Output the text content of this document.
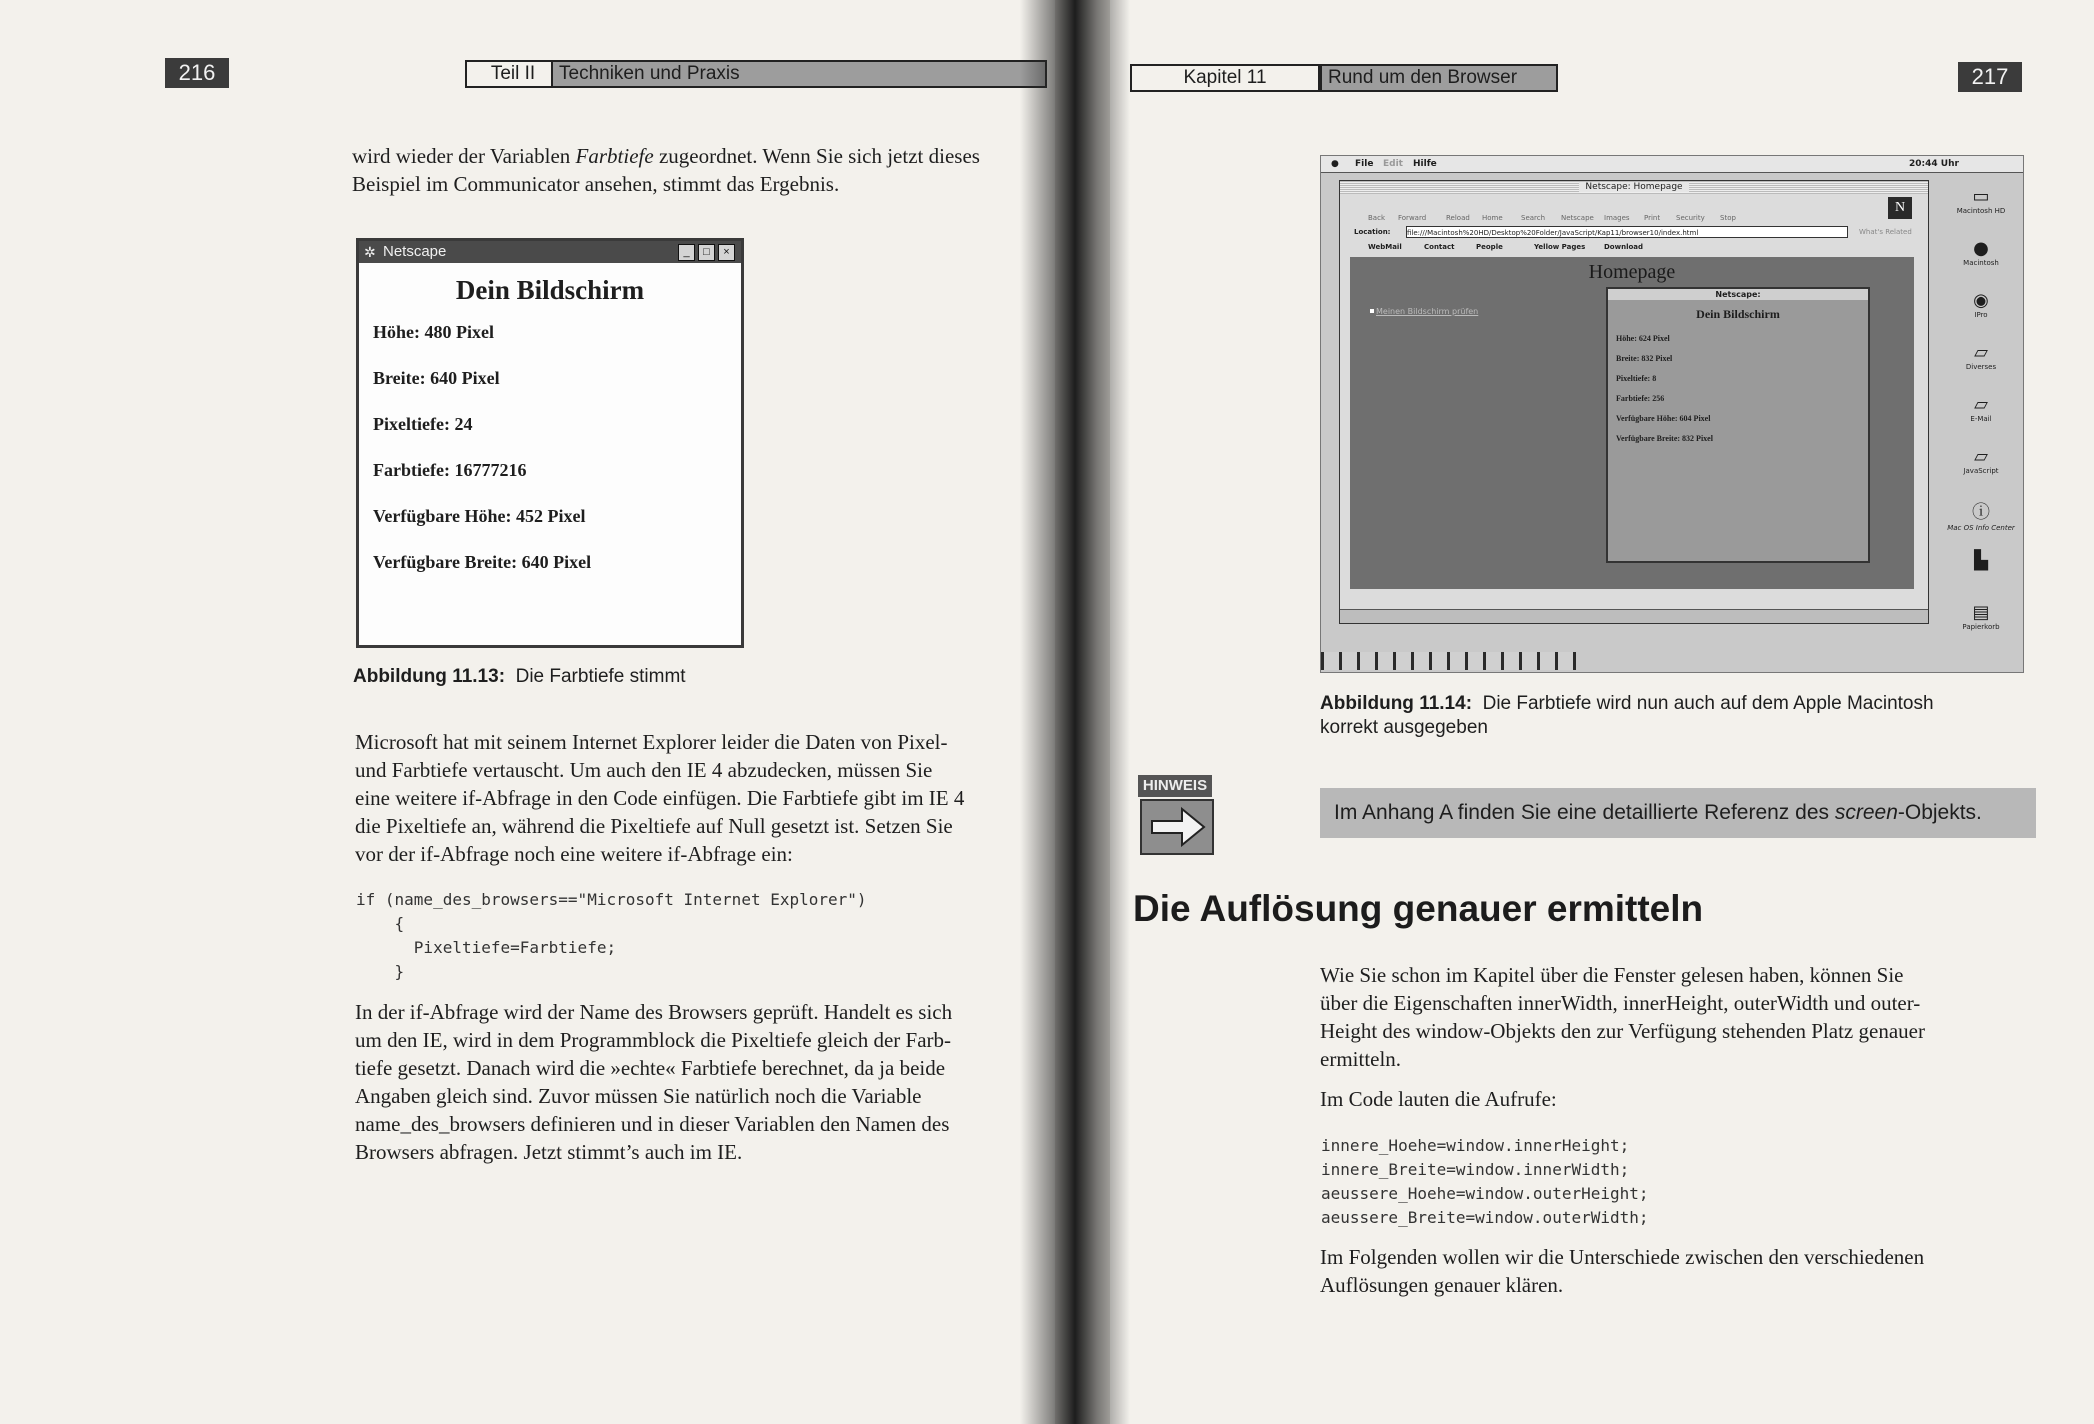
216	Teil II	Techniken und Praxis
wird wieder der Variablen Farbtiefe zugeordnet. Wenn Sie sich jetzt dieses
Beispiel im Communicator ansehen, stimmt das Ergebnis.
✲ Netscape	_	□	×
Dein Bildschirm
Höhe: 480 Pixel
Breite: 640 Pixel
Pixeltiefe: 24
Farbtiefe: 16777216
Verfügbare Höhe: 452 Pixel
Verfügbare Breite: 640 Pixel
Abbildung 11.13: Die Farbtiefe stimmt
Microsoft hat mit seinem Internet Explorer leider die Daten von Pixel-
und Farbtiefe vertauscht. Um auch den IE 4 abzudecken, müssen Sie
eine weitere if-Abfrage in den Code einfügen. Die Farbtiefe gibt im IE 4
die Pixeltiefe an, während die Pixeltiefe auf Null gesetzt ist. Setzen Sie
vor der if-Abfrage noch eine weitere if-Abfrage ein:
if (name_des_browsers=="Microsoft Internet Explorer")
{
Pixeltiefe=Farbtiefe;
}
In der if-Abfrage wird der Name des Browsers geprüft. Handelt es sich
um den IE, wird in dem Programmblock die Pixeltiefe gleich der Farb-
tiefe gesetzt. Danach wird die »echte« Farbtiefe berechnet, da ja beide
Angaben gleich sind. Zuvor müssen Sie natürlich noch die Variable
name_des_browsers definieren und in dieser Variablen den Namen des
Browsers abfragen. Jetzt stimmt’s auch im IE.
Kapitel 11	Rund um den Browser	217
● File Edit Hilfe	20:44 Uhr
Netscape: Homepage
Back Forward	Reload Home	Search Netscape Images Print Security Stop
N
Location: file:///Macintosh%20HD/Desktop%20Folder/JavaScript/Kap11/browser10/index.html	What's Related
WebMail	Contact	People	Yellow Pages	Download
Homepage
Meinen Bildschirm prüfen
Netscape:
Dein Bildschirm
Höhe: 624 Pixel
Breite: 832 Pixel
Pixeltiefe: 8
Farbtiefe: 256
Verfügbare Höhe: 604 Pixel
Verfügbare Breite: 832 Pixel
▭
Macintosh HD
●
Macintosh
◉
IPro
▱
Diverses
▱
E-Mail
▱
JavaScript
ⓘ
Mac OS Info Center
▙
▤
Papierkorb
Abbildung 11.14: Die Farbtiefe wird nun auch auf dem Apple Macintosh
korrekt ausgegeben
HINWEIS
Im Anhang A finden Sie eine detaillierte Referenz des screen-Objekts.
Die Auflösung genauer ermitteln
Wie Sie schon im Kapitel über die Fenster gelesen haben, können Sie
über die Eigenschaften innerWidth, innerHeight, outerWidth und outer-
Height des window-Objekts den zur Verfügung stehenden Platz genauer
ermitteln.
Im Code lauten die Aufrufe:
innere_Hoehe=window.innerHeight;
innere_Breite=window.innerWidth;
aeussere_Hoehe=window.outerHeight;
aeussere_Breite=window.outerWidth;
Im Folgenden wollen wir die Unterschiede zwischen den verschiedenen
Auflösungen genauer klären.
